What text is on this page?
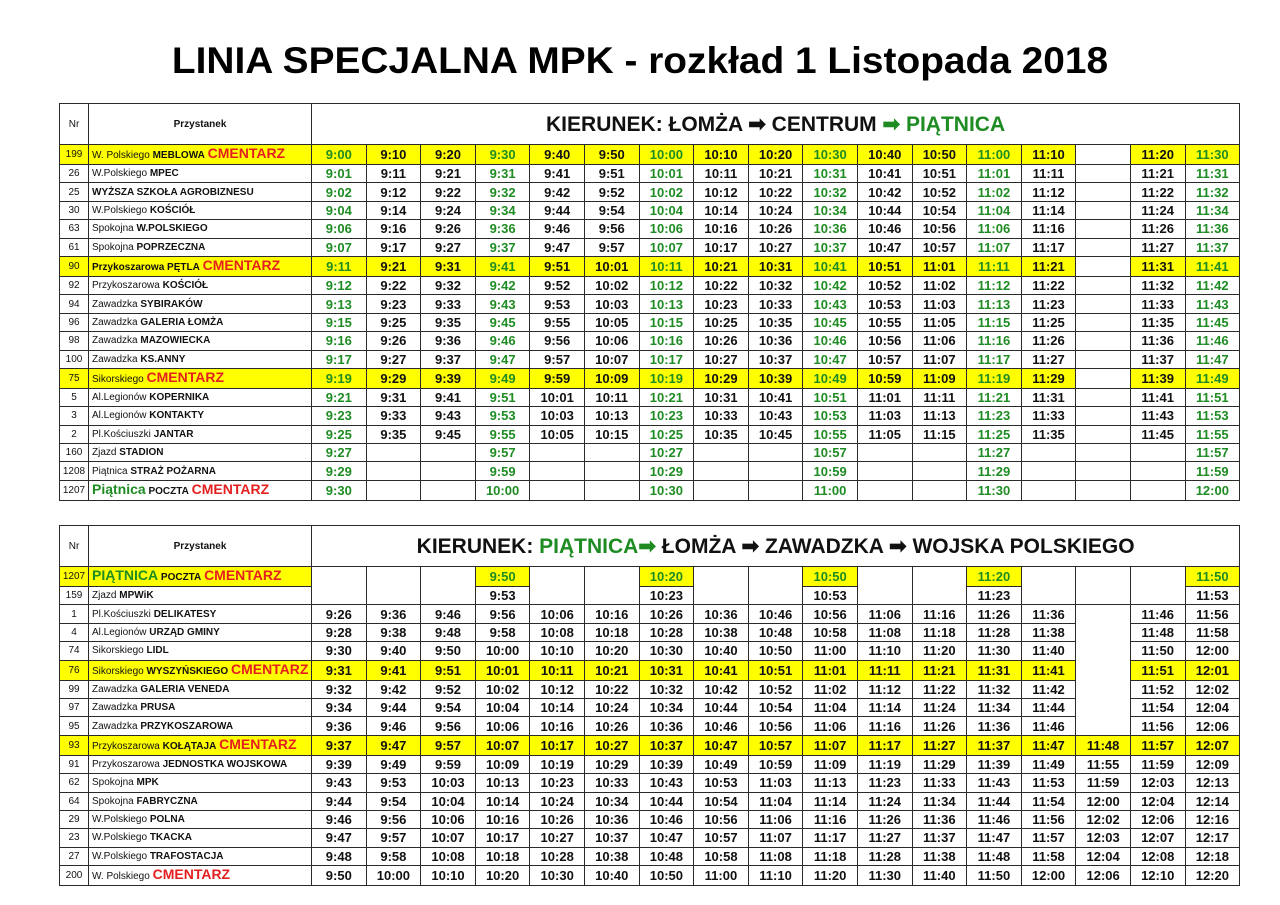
LINIA SPECJALNA MPK - rozkład 1 Listopada 2018
Nr	Przystanek	KIERUNEK: ŁOMŻA ➡ CENTRUM ➡ PIĄTNICA																
199	W. Polskiego MEBLOWA CMENTARZ	9:00	9:10	9:20	9:30	9:40	9:50	10:00	10:10	10:20	10:30	10:40	10:50	11:00	11:10		11:20	11:30
26	W.Polskiego MPEC	9:01	9:11	9:21	9:31	9:41	9:51	10:01	10:11	10:21	10:31	10:41	10:51	11:01	11:11		11:21	11:31
25	WYŻSZA SZKOŁA AGROBIZNESU	9:02	9:12	9:22	9:32	9:42	9:52	10:02	10:12	10:22	10:32	10:42	10:52	11:02	11:12		11:22	11:32
30	W.Polskiego KOŚCIÓŁ	9:04	9:14	9:24	9:34	9:44	9:54	10:04	10:14	10:24	10:34	10:44	10:54	11:04	11:14		11:24	11:34
63	Spokojna W.POLSKIEGO	9:06	9:16	9:26	9:36	9:46	9:56	10:06	10:16	10:26	10:36	10:46	10:56	11:06	11:16		11:26	11:36
61	Spokojna POPRZECZNA	9:07	9:17	9:27	9:37	9:47	9:57	10:07	10:17	10:27	10:37	10:47	10:57	11:07	11:17		11:27	11:37
90	Przykoszarowa PĘTLA CMENTARZ	9:11	9:21	9:31	9:41	9:51	10:01	10:11	10:21	10:31	10:41	10:51	11:01	11:11	11:21		11:31	11:41
92	Przykoszarowa KOŚCIÓŁ	9:12	9:22	9:32	9:42	9:52	10:02	10:12	10:22	10:32	10:42	10:52	11:02	11:12	11:22		11:32	11:42
94	Zawadzka SYBIRAKÓW	9:13	9:23	9:33	9:43	9:53	10:03	10:13	10:23	10:33	10:43	10:53	11:03	11:13	11:23		11:33	11:43
96	Zawadzka GALERIA ŁOMŻA	9:15	9:25	9:35	9:45	9:55	10:05	10:15	10:25	10:35	10:45	10:55	11:05	11:15	11:25		11:35	11:45
98	Zawadzka MAZOWIECKA	9:16	9:26	9:36	9:46	9:56	10:06	10:16	10:26	10:36	10:46	10:56	11:06	11:16	11:26		11:36	11:46
100	Zawadzka KS.ANNY	9:17	9:27	9:37	9:47	9:57	10:07	10:17	10:27	10:37	10:47	10:57	11:07	11:17	11:27		11:37	11:47
75	Sikorskiego CMENTARZ	9:19	9:29	9:39	9:49	9:59	10:09	10:19	10:29	10:39	10:49	10:59	11:09	11:19	11:29		11:39	11:49
5	Al.Legionów KOPERNIKA	9:21	9:31	9:41	9:51	10:01	10:11	10:21	10:31	10:41	10:51	11:01	11:11	11:21	11:31		11:41	11:51
3	Al.Legionów KONTAKTY	9:23	9:33	9:43	9:53	10:03	10:13	10:23	10:33	10:43	10:53	11:03	11:13	11:23	11:33		11:43	11:53
2	Pl.Kościuszki JANTAR	9:25	9:35	9:45	9:55	10:05	10:15	10:25	10:35	10:45	10:55	11:05	11:15	11:25	11:35		11:45	11:55
160	Zjazd STADION	9:27			9:57			10:27			10:57			11:27				11:57
1208	Piątnica STRAŻ POŻARNA	9:29			9:59			10:29			10:59			11:29				11:59
1207	Piątnica POCZTA CMENTARZ	9:30			10:00			10:30			11:00			11:30				12:00
Nr	Przystanek	KIERUNEK: PIĄTNICA➡ ŁOMŻA ➡ ZAWADZKA ➡ WOJSKA POLSKIEGO																
1207	PIĄTNICA POCZTA CMENTARZ				9:50			10:20			10:50			11:20				11:50
159	Zjazd MPWiK				9:53			10:23			10:53			11:23				11:53
1	Pl.Kościuszki DELIKATESY	9:26	9:36	9:46	9:56	10:06	10:16	10:26	10:36	10:46	10:56	11:06	11:16	11:26	11:36		11:46	11:56
4	Al.Legionów URZĄD GMINY	9:28	9:38	9:48	9:58	10:08	10:18	10:28	10:38	10:48	10:58	11:08	11:18	11:28	11:38		11:48	11:58
74	Sikorskiego LIDL	9:30	9:40	9:50	10:00	10:10	10:20	10:30	10:40	10:50	11:00	11:10	11:20	11:30	11:40		11:50	12:00
76	Sikorskiego WYSZYŃSKIEGO CMENTARZ	9:31	9:41	9:51	10:01	10:11	10:21	10:31	10:41	10:51	11:01	11:11	11:21	11:31	11:41		11:51	12:01
99	Zawadzka GALERIA VENEDA	9:32	9:42	9:52	10:02	10:12	10:22	10:32	10:42	10:52	11:02	11:12	11:22	11:32	11:42		11:52	12:02
97	Zawadzka PRUSA	9:34	9:44	9:54	10:04	10:14	10:24	10:34	10:44	10:54	11:04	11:14	11:24	11:34	11:44		11:54	12:04
95	Zawadzka PRZYKOSZAROWA	9:36	9:46	9:56	10:06	10:16	10:26	10:36	10:46	10:56	11:06	11:16	11:26	11:36	11:46		11:56	12:06
93	Przykoszarowa KOŁĄTAJA CMENTARZ	9:37	9:47	9:57	10:07	10:17	10:27	10:37	10:47	10:57	11:07	11:17	11:27	11:37	11:47	11:48	11:57	12:07
91	Przykoszarowa JEDNOSTKA WOJSKOWA	9:39	9:49	9:59	10:09	10:19	10:29	10:39	10:49	10:59	11:09	11:19	11:29	11:39	11:49	11:55	11:59	12:09
62	Spokojna MPK	9:43	9:53	10:03	10:13	10:23	10:33	10:43	10:53	11:03	11:13	11:23	11:33	11:43	11:53	11:59	12:03	12:13
64	Spokojna FABRYCZNA	9:44	9:54	10:04	10:14	10:24	10:34	10:44	10:54	11:04	11:14	11:24	11:34	11:44	11:54	12:00	12:04	12:14
29	W.Polskiego POLNA	9:46	9:56	10:06	10:16	10:26	10:36	10:46	10:56	11:06	11:16	11:26	11:36	11:46	11:56	12:02	12:06	12:16
23	W.Polskiego TKACKA	9:47	9:57	10:07	10:17	10:27	10:37	10:47	10:57	11:07	11:17	11:27	11:37	11:47	11:57	12:03	12:07	12:17
27	W.Polskiego TRAFOSTACJA	9:48	9:58	10:08	10:18	10:28	10:38	10:48	10:58	11:08	11:18	11:28	11:38	11:48	11:58	12:04	12:08	12:18
200	W. Polskiego CMENTARZ	9:50	10:00	10:10	10:20	10:30	10:40	10:50	11:00	11:10	11:20	11:30	11:40	11:50	12:00	12:06	12:10	12:20
